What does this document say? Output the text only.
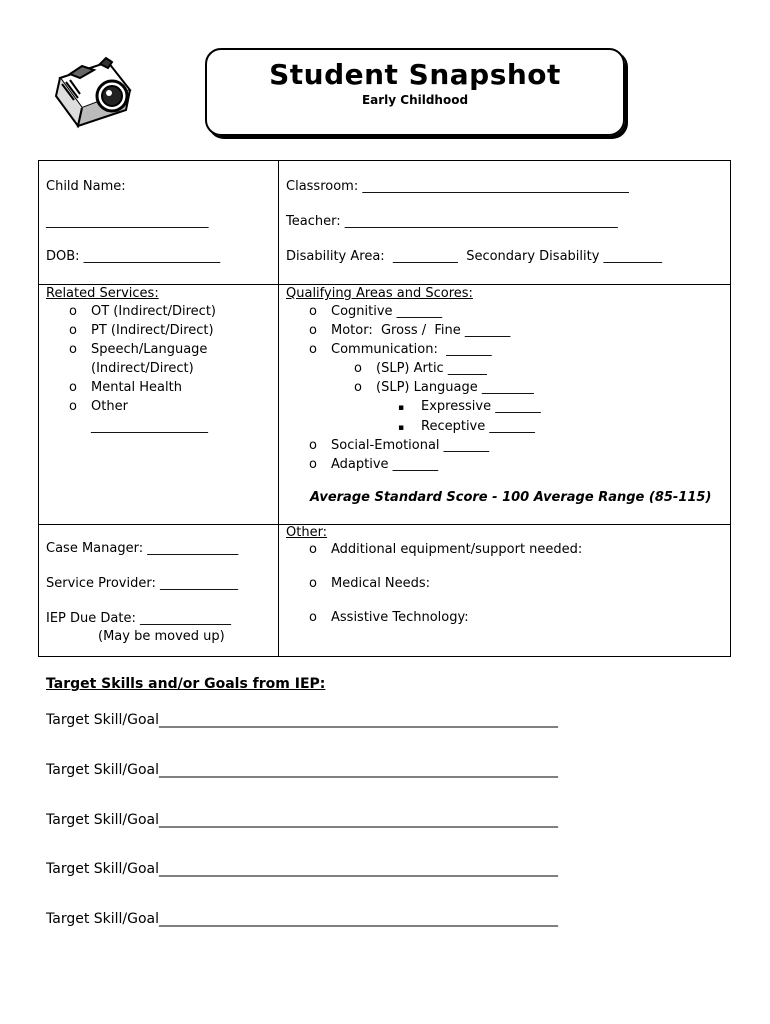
Student Snapshot
Early Childhood
Child Name:
_________________________
DOB: _____________________
Classroom: _________________________________________
Teacher: __________________________________________
Disability Area:  __________  Secondary Disability _________
Related Services:
o OT (Indirect/Direct)
o PT (Indirect/Direct)
o Speech/Language
(Indirect/Direct)
o Mental Health
o Other
__________________
Qualifying Areas and Scores:
o Cognitive _______
o Motor:  Gross /  Fine _______
o Communication:  _______
o (SLP) Artic ______
o (SLP) Language ________
▪ Expressive _______
▪ Receptive _______
o Social-Emotional _______
o Adaptive _______
Average Standard Score - 100 Average Range (85-115)
Case Manager: ______________
Service Provider: ____________
IEP Due Date: ______________
(May be moved up)
Other:
o Additional equipment/support needed:
o Medical Needs:
o Assistive Technology:
Target Skills and/or Goals from IEP:
Target Skill/Goal_________________________________________________________
Target Skill/Goal_________________________________________________________
Target Skill/Goal_________________________________________________________
Target Skill/Goal_________________________________________________________
Target Skill/Goal_________________________________________________________
